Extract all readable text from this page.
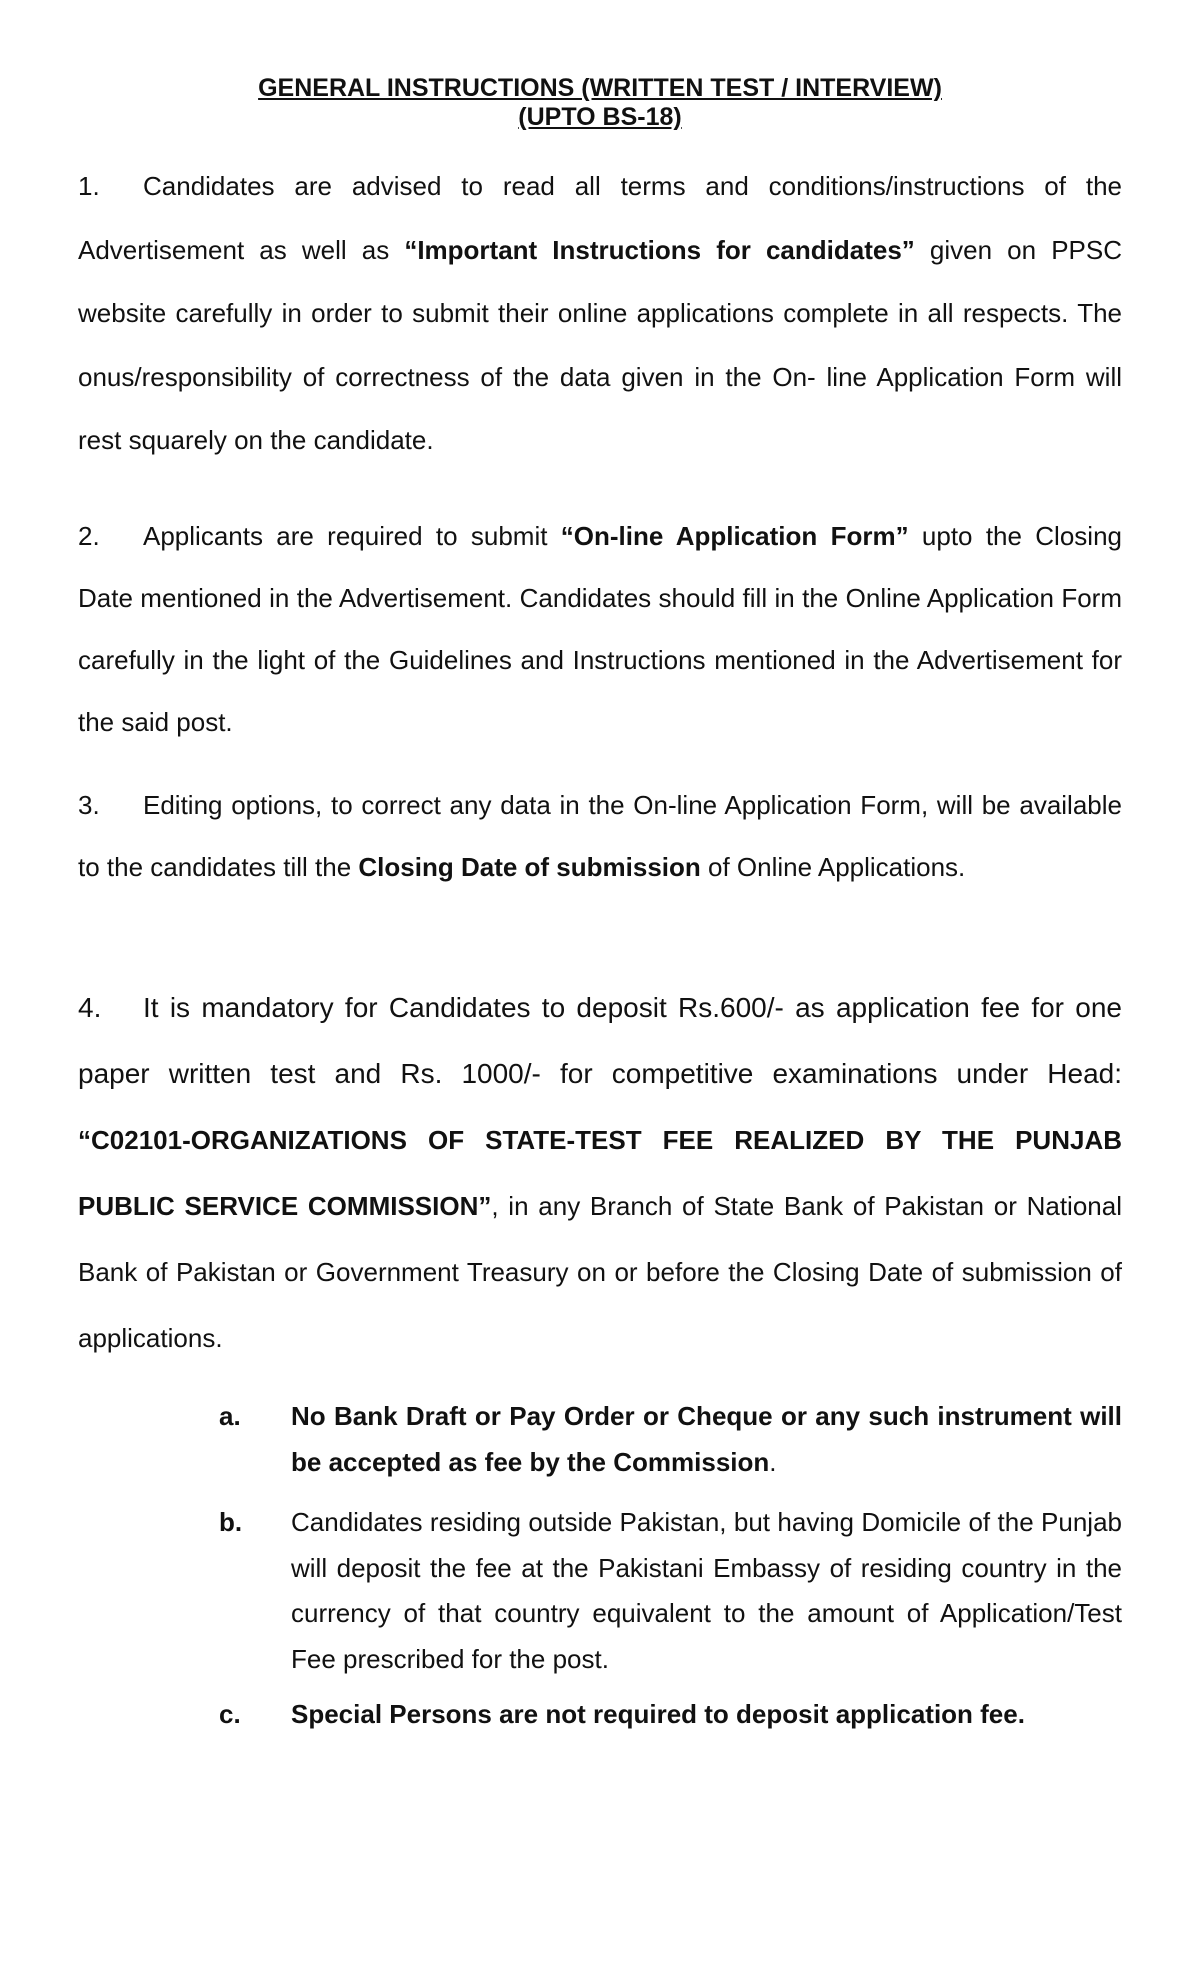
GENERAL INSTRUCTIONS (WRITTEN TEST / INTERVIEW)
(UPTO BS-18)

1. Candidates are advised to read all terms and conditions/instructions of the Advertisement as well as “Important Instructions for candidates” given on PPSC website carefully in order to submit their online applications complete in all respects. The onus/responsibility of correctness of the data given in the On- line Application Form will rest squarely on the candidate.

2. Applicants are required to submit “On-line Application Form” upto the Closing Date mentioned in the Advertisement. Candidates should fill in the Online Application Form carefully in the light of the Guidelines and Instructions mentioned in the Advertisement for the said post.

3. Editing options, to correct any data in the On-line Application Form, will be available to the candidates till the Closing Date of submission of Online Applications.

4. It is mandatory for Candidates to deposit Rs.600/- as application fee for one paper written test and Rs. 1000/- for competitive examinations under Head: “C02101-ORGANIZATIONS OF STATE-TEST FEE REALIZED BY THE PUNJAB PUBLIC SERVICE COMMISSION”, in any Branch of State Bank of Pakistan or National Bank of Pakistan or Government Treasury on or before the Closing Date of submission of applications.

a. No Bank Draft or Pay Order or Cheque or any such instrument will be accepted as fee by the Commission.
b. Candidates residing outside Pakistan, but having Domicile of the Punjab will deposit the fee at the Pakistani Embassy of residing country in the currency of that country equivalent to the amount of Application/Test Fee prescribed for the post.
c. Special Persons are not required to deposit application fee.
